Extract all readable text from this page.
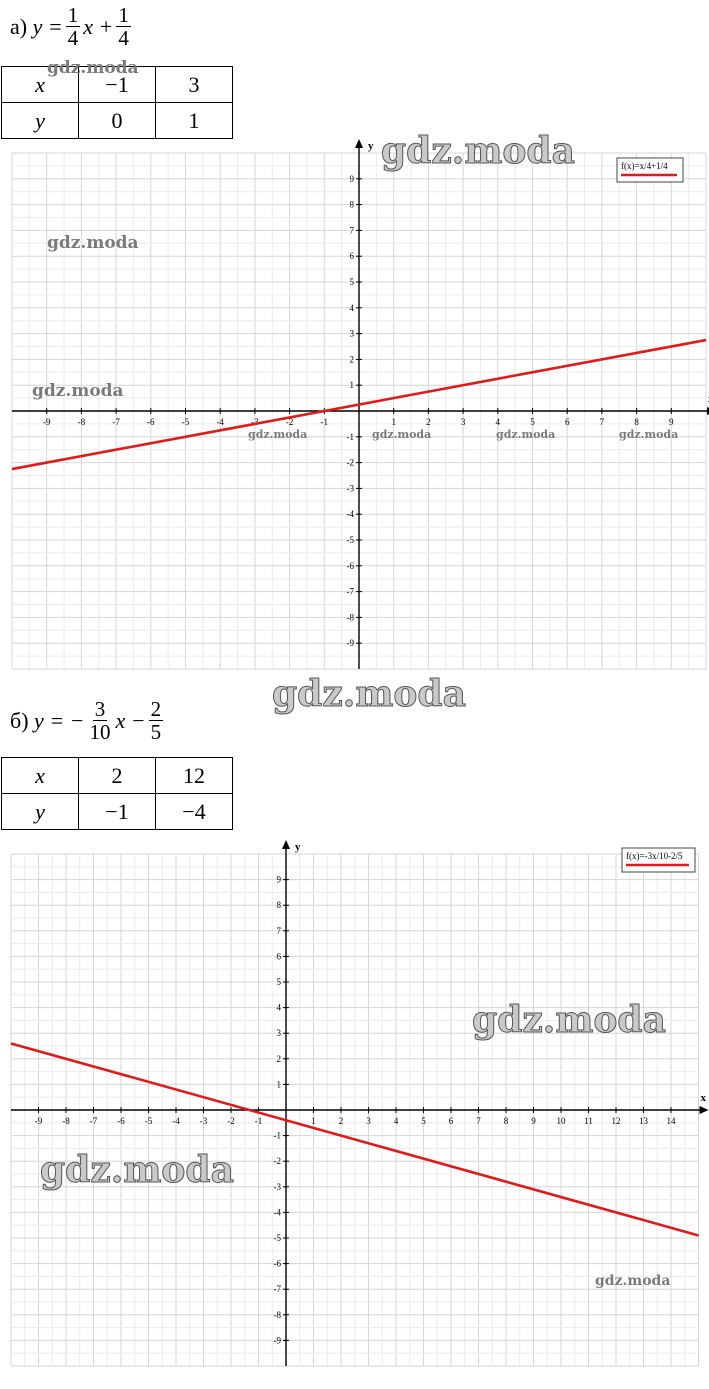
а)
$y = \frac{1}{4}$ $x + \frac{1}{4}$
x	−1	3
y	0	1
y
-9	-8	-7	-6	-5	-4	-3	-2	-1	1	2	3	4	5	6	7	8	9
-9
-8
-7
-6
-5
-4
-3
-2
-1
1
2
3
4
5
6
7
8
9
f(x)=x/4+1/4
gdz.moda
gdz.moda
gdz.moda
gdz.moda	gdz.moda	gdz.moda	gdz.moda
б)
y = − $\frac{3}{10}$ $x - \frac{2}{5}$
x	2	12
y	−1	−4
x
y
-9 -8 -7 -6 -5 -4 -3 -2 -1	1	2	3	4	5	6	7	8	9 10 11 12 13 14
-9
-8
-7
-6
-5
-4
-3
-2
-1
1
2
3
4
5
6
7
8
9
f(x)=-3x/10-2/5
gdz.moda
gdz.moda
gdz.moda
gdz.moda
gdz.moda
